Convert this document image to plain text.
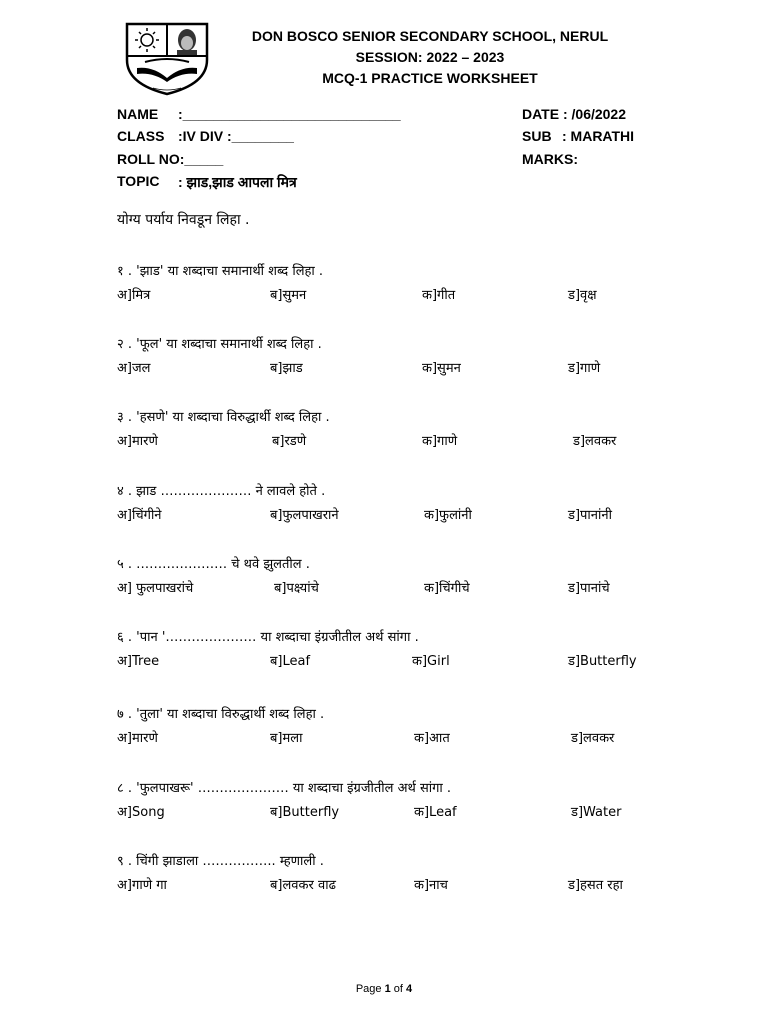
DON BOSCO SENIOR SECONDARY SCHOOL, NERUL
SESSION: 2022 – 2023
MCQ-1 PRACTICE WORKSHEET
NAME :____________________________	DATE : /06/2022
CLASS :IV DIV :________	SUB : MARATHI
ROLL NO:_____	MARKS:
TOPIC : झाड,झाड आपला मित्र
योग्य पर्याय निवडून लिहा .
१ . 'झाड' या शब्दाचा समानार्थी शब्द लिहा .
अ]मित्र	ब]सुमन	क]गीत	ड]वृक्ष
२ . 'फूल' या शब्दाचा समानार्थी शब्द लिहा .
अ]जल	ब]झाड	क]सुमन	ड]गाणे
३ . 'हसणे' या शब्दाचा विरुद्धार्थी शब्द लिहा .
अ]मारणे	ब]रडणे	क]गाणे	ड]लवकर
४ . झाड ………………… ने लावले होते .
अ]चिंगीने	ब]फुलपाखराने	क]फुलांनी	ड]पानांनी
५ . ………………… चे थवे झुलतील .
अ] फुलपाखरांचे	ब]पक्ष्यांचे	क]चिंगीचे	ड]पानांचे
६ . 'पान '………………… या शब्दाचा इंग्रजीतील अर्थ सांगा .
अ]Tree	ब]Leaf	क]Girl	ड]Butterfly
७ . 'तुला' या शब्दाचा विरुद्धार्थी शब्द लिहा .
अ]मारणे	ब]मला	क]आत	ड]लवकर
८ . 'फुलपाखरू' ………………… या शब्दाचा इंग्रजीतील अर्थ सांगा .
अ]Song	ब]Butterfly	क]Leaf	ड]Water
९ . चिंगी झाडाला …………….. म्हणाली .
अ]गाणे गा	ब]लवकर वाढ	क]नाच	ड]हसत रहा
Page 1 of 4
